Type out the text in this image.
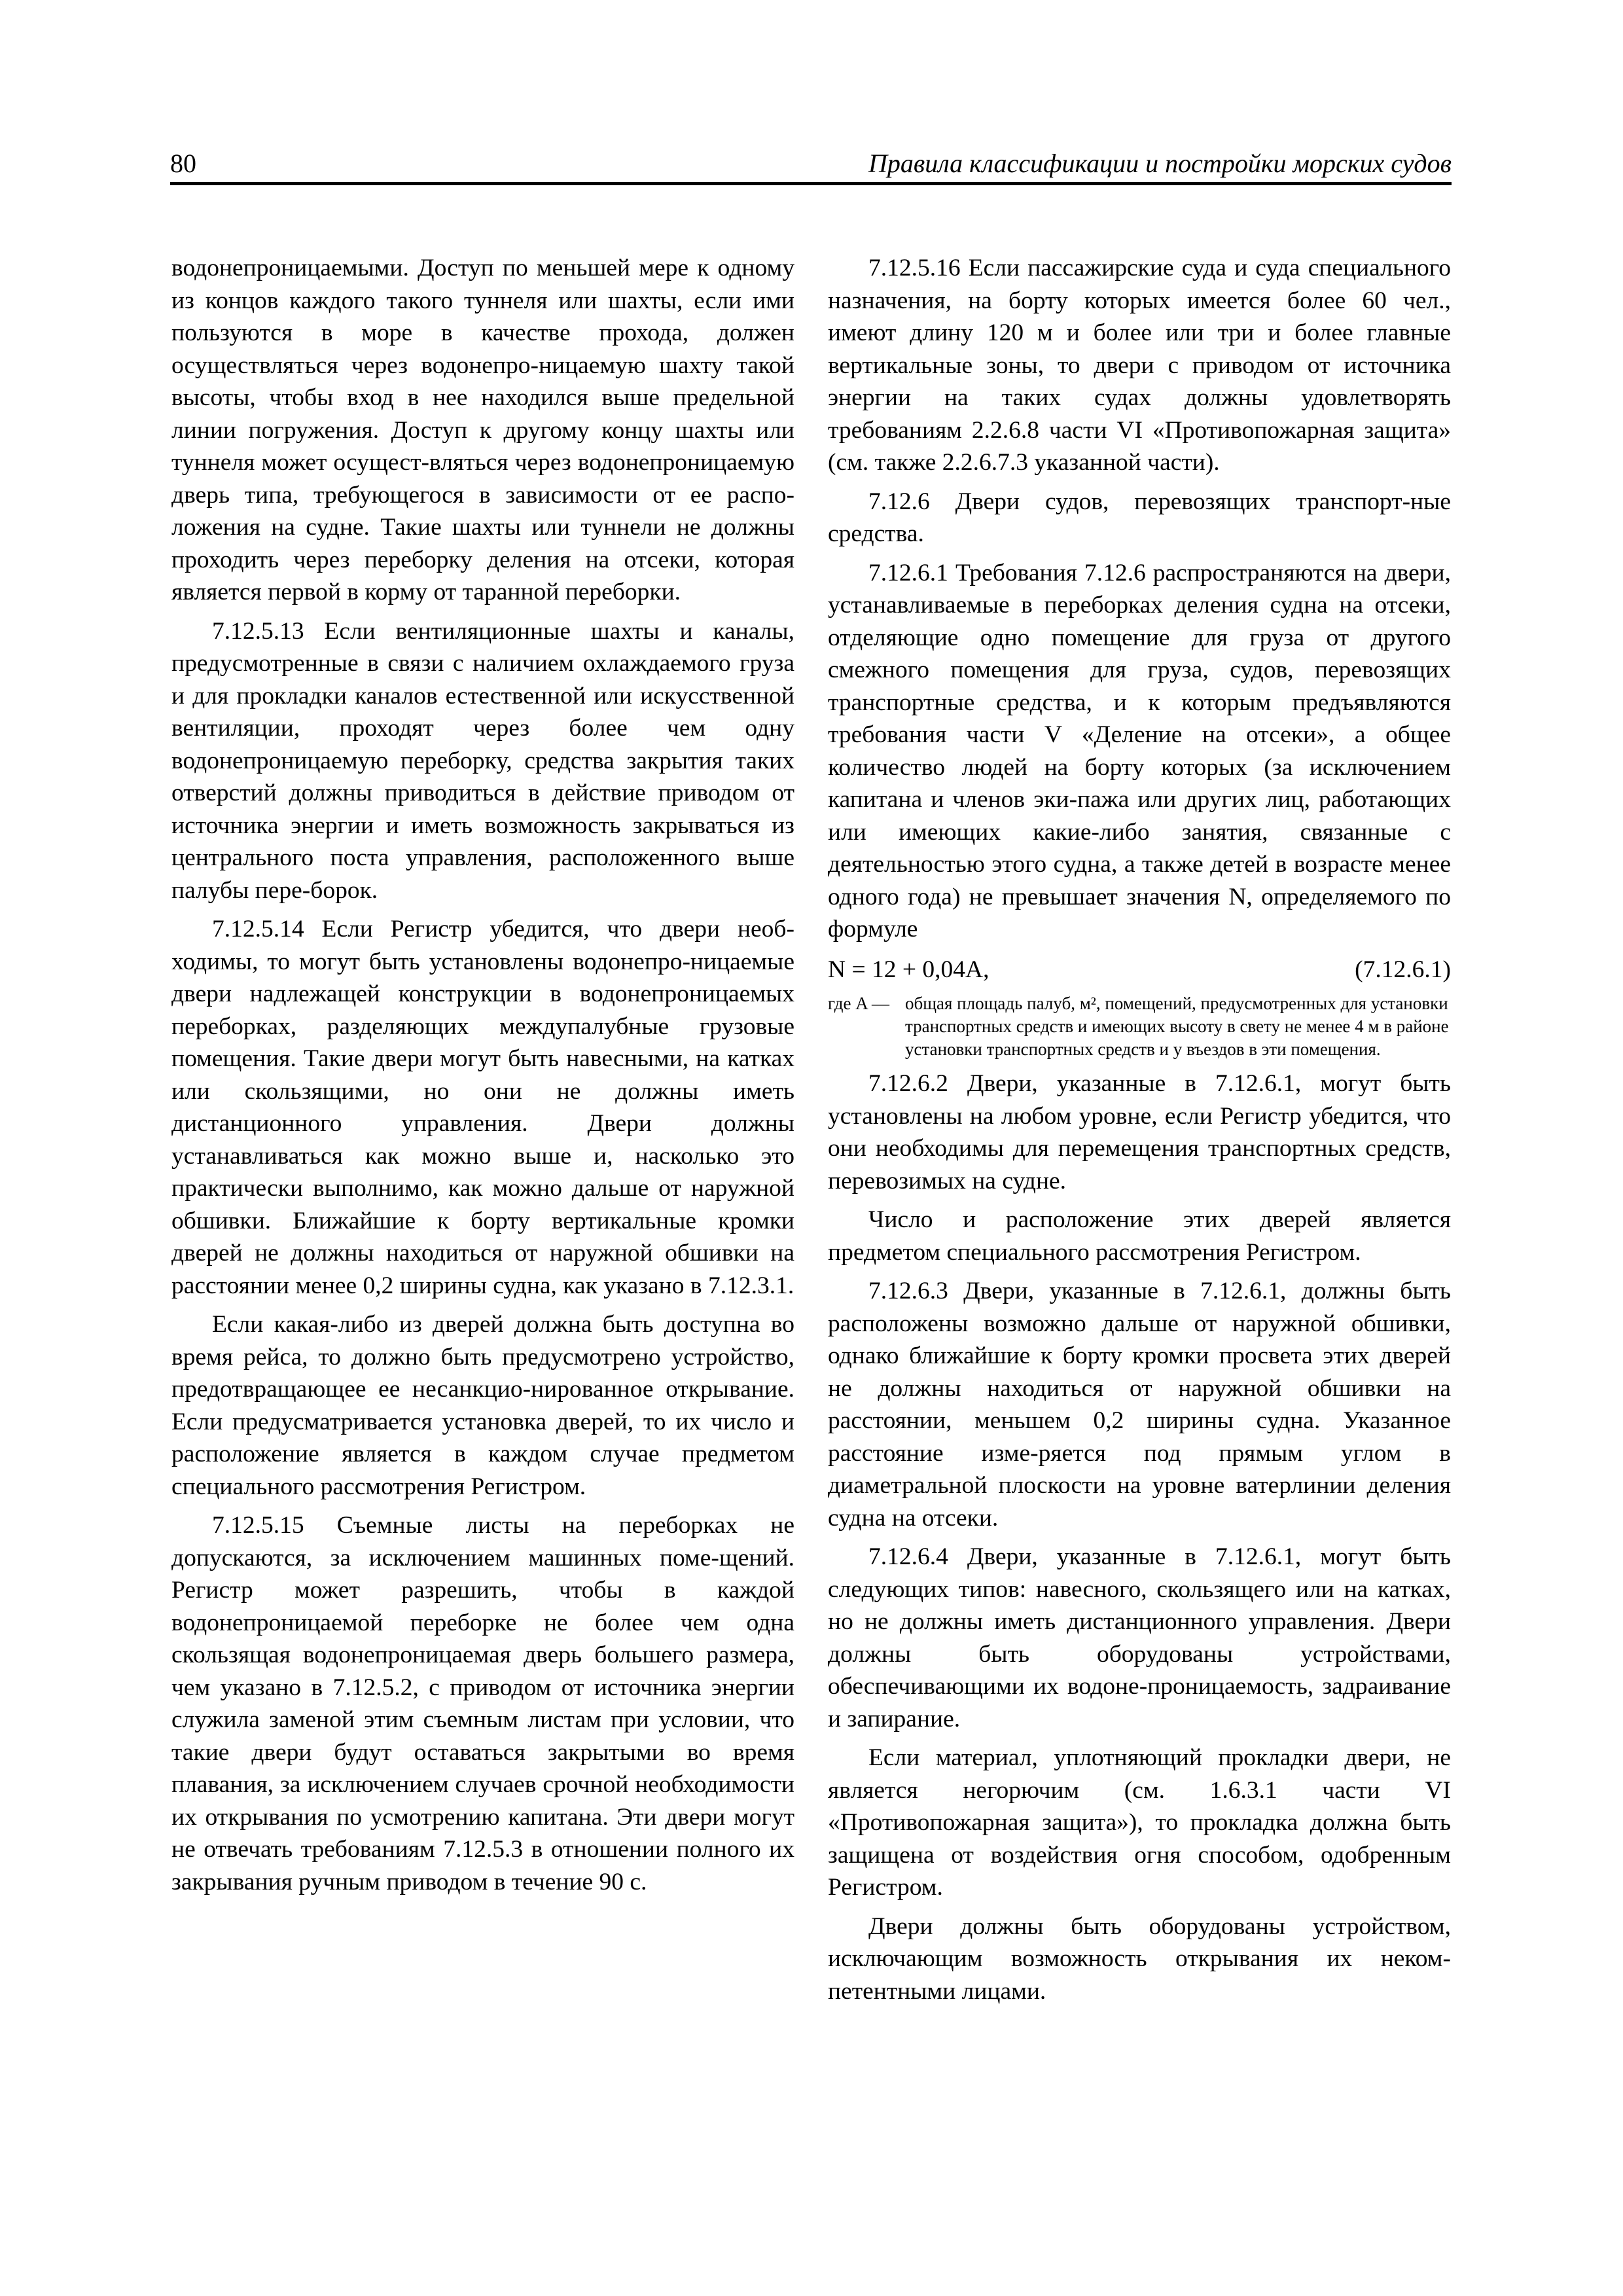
80	Правила классификации и постройки морских судов

водонепроницаемыми. Доступ по меньшей мере к одному из концов каждого такого туннеля или шахты, если ими пользуются в море в качестве прохода, должен осуществляться через водонепро-ницаемую шахту такой высоты, чтобы вход в нее находился выше предельной линии погружения. Доступ к другому концу шахты или туннеля может осущест-вляться через водонепроницаемую дверь типа, требующегося в зависимости от ее распо-ложения на судне. Такие шахты или туннели не должны проходить через переборку деления на отсеки, которая является первой в корму от таранной переборки.

7.12.5.13 Если вентиляционные шахты и каналы, предусмотренные в связи с наличием охлаждаемого груза и для прокладки каналов естественной или искусственной вентиляции, проходят через более чем одну водонепроницаемую переборку, средства закрытия таких отверстий должны приводиться в действие приводом от источника энергии и иметь возможность закрываться из центрального поста управления, расположенного выше палубы пере-борок.

7.12.5.14 Если Регистр убедится, что двери необ-ходимы, то могут быть установлены водонепро-ницаемые двери надлежащей конструкции в водонепроницаемых переборках, разделяющих междупалубные грузовые помещения. Такие двери могут быть навесными, на катках или скользящими, но они не должны иметь дистанционного управления. Двери должны устанавливаться как можно выше и, насколько это практически выполнимо, как можно дальше от наружной обшивки. Ближайшие к борту вертикальные кромки дверей не должны находиться от наружной обшивки на расстоянии менее 0,2 ширины судна, как указано в 7.12.3.1.

Если какая-либо из дверей должна быть доступна во время рейса, то должно быть предусмотрено устройство, предотвращающее ее несанкцио-нированное открывание. Если предусматривается установка дверей, то их число и расположение является в каждом случае предметом специального рассмотрения Регистром.

7.12.5.15 Съемные листы на переборках не допускаются, за исключением машинных поме-щений. Регистр может разрешить, чтобы в каждой водонепроницаемой переборке не более чем одна скользящая водонепроницаемая дверь большего размера, чем указано в 7.12.5.2, с приводом от источника энергии служила заменой этим съемным листам при условии, что такие двери будут оставаться закрытыми во время плавания, за исключением случаев срочной необходимости их открывания по усмотрению капитана. Эти двери могут не отвечать требованиям 7.12.5.3 в отношении полного их закрывания ручным приводом в течение 90 с.

7.12.5.16 Если пассажирские суда и суда специального назначения, на борту которых имеется более 60 чел., имеют длину 120 м и более или три и более главные вертикальные зоны, то двери с приводом от источника энергии на таких судах должны удовлетворять требованиям 2.2.6.8 части VI «Противопожарная защита» (см. также 2.2.6.7.3 указанной части).

7.12.6 Двери судов, перевозящих транспорт-ные средства.

7.12.6.1 Требования 7.12.6 распространяются на двери, устанавливаемые в переборках деления судна на отсеки, отделяющие одно помещение для груза от другого смежного помещения для груза, судов, перевозящих транспортные средства, и к которым предъявляются требования части V «Деление на отсеки», а общее количество людей на борту которых (за исключением капитана и членов эки-пажа или других лиц, работающих или имеющих какие-либо занятия, связанные с деятельностью этого судна, а также детей в возрасте менее одного года) не превышает значения N, определяемого по формуле

N = 12 + 0,04A,	(7.12.6.1)
где A — общая площадь палуб, м², помещений, предусмотренных для установки транспортных средств и имеющих высоту в свету не менее 4 м в районе установки транспортных средств и у въездов в эти помещения.

7.12.6.2 Двери, указанные в 7.12.6.1, могут быть установлены на любом уровне, если Регистр убедится, что они необходимы для перемещения транспортных средств, перевозимых на судне.

Число и расположение этих дверей является предметом специального рассмотрения Регистром.

7.12.6.3 Двери, указанные в 7.12.6.1, должны быть расположены возможно дальше от наружной обшивки, однако ближайшие к борту кромки просвета этих дверей не должны находиться от наружной обшивки на расстоянии, меньшем 0,2 ширины судна. Указанное расстояние изме-ряется под прямым углом в диаметральной плоскости на уровне ватерлинии деления судна на отсеки.

7.12.6.4 Двери, указанные в 7.12.6.1, могут быть следующих типов: навесного, скользящего или на катках, но не должны иметь дистанционного управления. Двери должны быть оборудованы устройствами, обеспечивающими их водоне-проницаемость, задраивание и запирание.

Если материал, уплотняющий прокладки двери, не является негорючим (см. 1.6.3.1 части VI «Противопожарная защита»), то прокладка должна быть защищена от воздействия огня способом, одобренным Регистром.

Двери должны быть оборудованы устройством, исключающим возможность открывания их неком-петентными лицами.
